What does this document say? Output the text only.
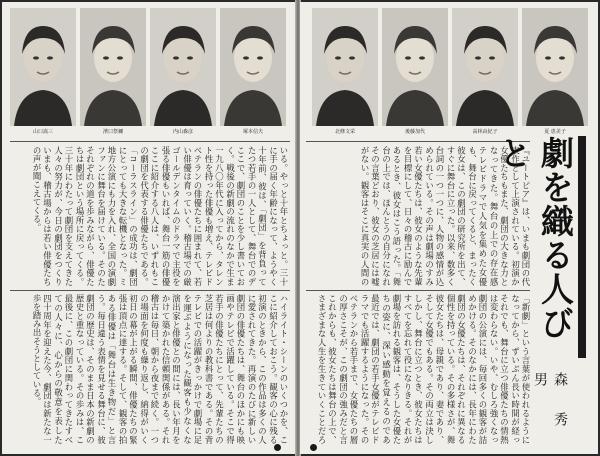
山口嵩三	濱口祭禰	内山森彦	塚本信夫
いる。やっと十年とちょっと。三十に手の届く年齢になって、ようやく
十年前、彼は、「劇団」を背負ってたつ若手の一人として、舞台でのデ
ここで、劇団のことを少し書いておく。戦後の新劇の流れのなかで生ま
一九八〇年代に入ってから、タレント性を持った俳優も増え、テレビド
ベテランの俳優たちに囲まれて、若い俳優は育っていく。稽古場での厳
ゴールデンタイムのドラマで主役を張る俳優もいれば、舞台一筋の俳優
ここに紹介する八人は、いずれもこの劇団を代表する俳優たちである。
「コーラスライン」の成功は、劇団にとっても大きな転機となった。ミ
地方公演にも力を入れ、全国の演劇ファンに舞台を届けている。そのた
それぞれの道を歩みながら、俳優たちは劇団という場所に戻ってくる。
三十年にわたって劇団を支えてきた人々の努力が、今日の劇団をつくり
いまも、稽古場からは若い俳優たちの声が聞こえてくる。
ハイライト・シーンのいくつかを、ここに紹介しておこう。観客の心に残る
初演のときから、この作品は多くの人に愛されてきた。再演のたびに新しい
劇団の俳優たちは、舞台のほかにも映画やテレビで活躍している。そこで得
若手の俳優たちにとって、先輩たちの芝居は何よりの教科書である。その背
テレビでの活躍がきっかけで劇場に足を運ぶようになった観客も少なくな
演出家と俳優との間には、長い年月をかけて築かれた信頼関係がある。それ
稽古は毎日、朝から夜まで続く。一つの場面を何度も繰り返し、納得がいく
初日の幕が上がる瞬間、俳優たちの緊張は頂点に達する。そして、観客の拍
ある俳優は「舞台は生き物だ」と言う。毎日違う表情を見せる舞台に、彼
劇団の歴史は、そのまま日本の新劇の歴史と重なっている。その歩みは、こ
最後に、この劇団に関わってきたすべての人々に、心からの敬意を表した
四十周年を迎えた今、劇団は新たな一歩を踏み出そうとしている。
北條文栄	後藤加代	高林由紀子	夏 恵美子
『ユートピア』は、いまも劇団の代表作として上演されている。初演か
女優たちもまた、劇団の大きな力となってきた。舞台の上での存在感
テレビドラマで人気を集めた女優も、舞台に戻ってくると、まったく
彼女は、この劇団の研究所を出て、すぐに舞台に立った。以来、数多く
台詞の一つ一つに、人物の感情が込められている。その声は劇場のすみ
若い女優たちは、彼女のような先輩を目標にして、日々の稽古に励んで
あるとき、彼女はこう語った。「舞台の上では、ほんとうの自分になれ
その言葉どおり、彼女の芝居には嘘がない。観客はそこに真実の人間の
「新劇」という言葉が使われるようになってから、ずいぶん長い時間が経っ
それでも、舞台に立つ俳優たちの情熱は変わらない。いや、むしろ強くなっ
劇団の公演には、毎回多くの観客が詰めかける。そのなかには、長年にわた
劇団の女優たちは、それぞれに異なる個性を持っている。その多様さが、舞
彼女たちは、母親であり、妻であり、そして女優でもある。その両立は決し
しかし、舞台に立つとき、彼女たちはすべてを忘れて役になりきる。それが
劇場を訪れる観客は、そうした女優たちの姿に、深い感動を覚えるのであ
最近では、劇団の若手女優がテレビドラマでも活躍するようになった。その
ベテランから若手まで、女優たちの層の厚さこそが、この劇団の強みだと言
これからも、彼女たちは舞台の上で、さまざまな人生を生きていくことだろ
劇を織る人びと
森　秀男
